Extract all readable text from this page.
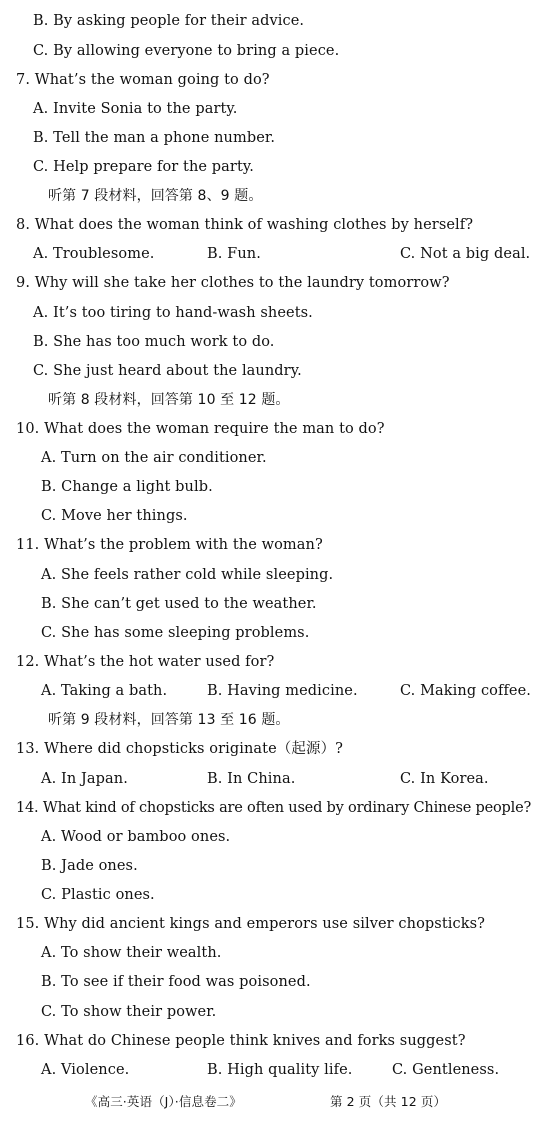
B. By asking people for their advice.
C. By allowing everyone to bring a piece.
7. What’s the woman going to do?
A. Invite Sonia to the party.
B. Tell the man a phone number.
C. Help prepare for the party.
听第 7 段材料，回答第 8、9 题。
8. What does the woman think of washing clothes by herself?
A. Troublesome.	B. Fun.	C. Not a big deal.
9. Why will she take her clothes to the laundry tomorrow?
A. It’s too tiring to hand-wash sheets.
B. She has too much work to do.
C. She just heard about the laundry.
听第 8 段材料，回答第 10 至 12 题。
10. What does the woman require the man to do?
A. Turn on the air conditioner.
B. Change a light bulb.
C. Move her things.
11. What’s the problem with the woman?
A. She feels rather cold while sleeping.
B. She can’t get used to the weather.
C. She has some sleeping problems.
12. What’s the hot water used for?
A. Taking a bath.	B. Having medicine.	C. Making coffee.
听第 9 段材料，回答第 13 至 16 题。
13. Where did chopsticks originate（起源）?
A. In Japan.	B. In China.	C. In Korea.
14. What kind of chopsticks are often used by ordinary Chinese people?
A. Wood or bamboo ones.
B. Jade ones.
C. Plastic ones.
15. Why did ancient kings and emperors use silver chopsticks?
A. To show their wealth.
B. To see if their food was poisoned.
C. To show their power.
16. What do Chinese people think knives and forks suggest?
A. Violence.	B. High quality life.	C. Gentleness.
《高三·英语（J）·信息卷二》	第 2 页（共 12 页）
